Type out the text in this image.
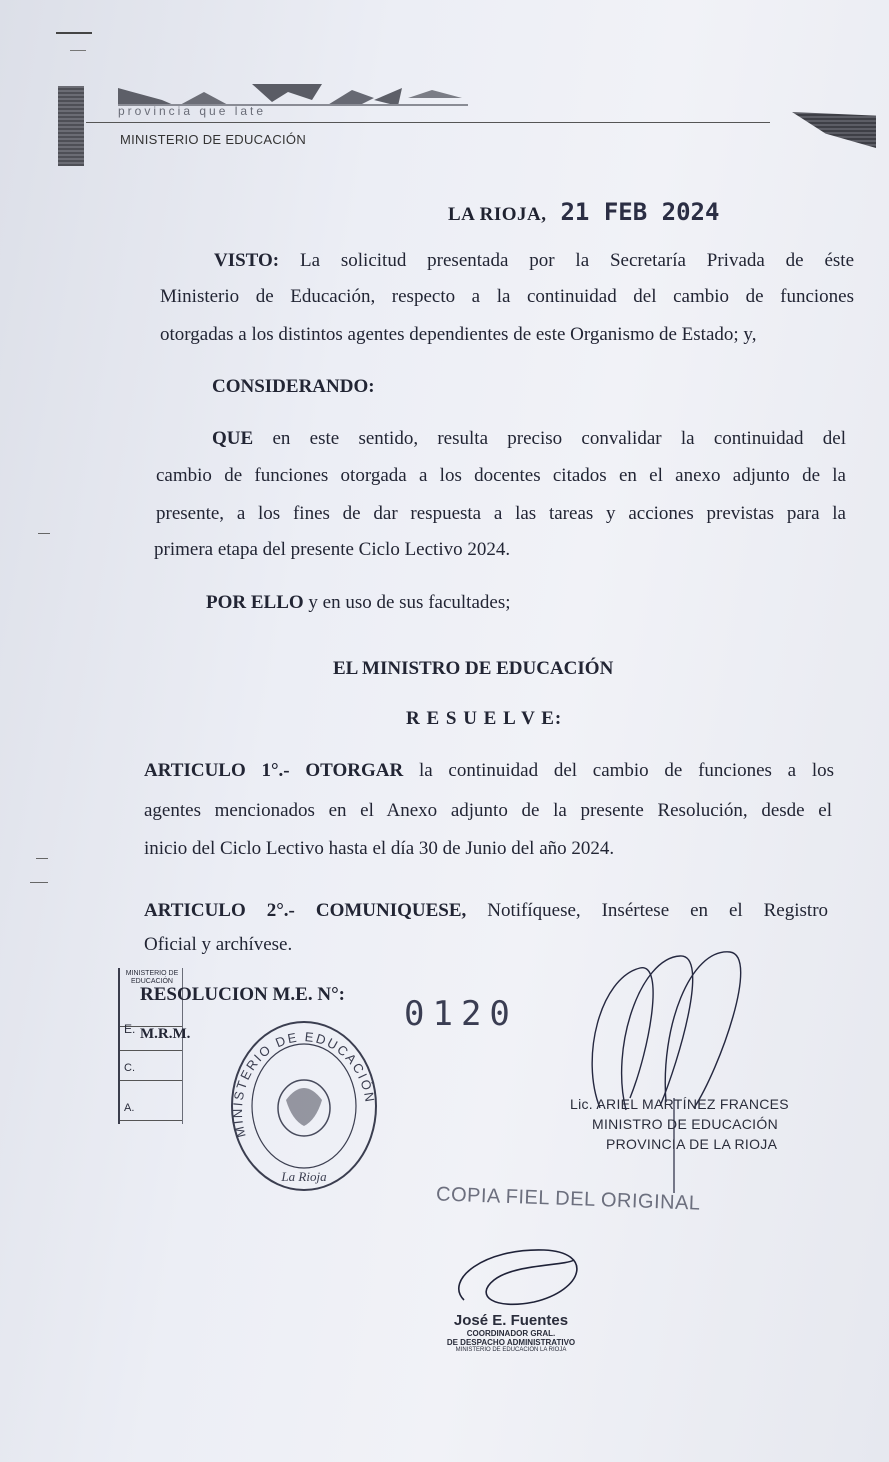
provincia que late
MINISTERIO DE EDUCACIÓN
LA RIOJA, 21 FEB 2024
VISTO: La solicitud presentada por la Secretaría Privada de éste
Ministerio de Educación, respecto a la continuidad del cambio de funciones
otorgadas a los distintos agentes dependientes de este Organismo de Estado; y,
CONSIDERANDO:
QUE en este sentido, resulta preciso convalidar la continuidad del
cambio de funciones otorgada a los docentes citados en el anexo adjunto de la
presente, a los fines de dar respuesta a las tareas y acciones previstas para la
primera etapa del presente Ciclo Lectivo 2024.
POR ELLO y en uso de sus facultades;
EL MINISTRO DE EDUCACIÓN
R E S U E L V E:
ARTICULO 1°.- OTORGAR la continuidad del cambio de funciones a los
agentes mencionados en el Anexo adjunto de la presente Resolución, desde el
inicio del Ciclo Lectivo hasta el día 30 de Junio del año 2024.
ARTICULO 2°.- COMUNIQUESE, Notifíquese, Insértese en el Registro
Oficial y archívese.
MINISTERIO DE EDUCACIÓN
E.
C.
A.
RESOLUCION M.E. N°: 0120
M.R.M.
MINISTERIO DE EDUCACIÓN
La Rioja
Lic. ARIEL MARTÍNEZ FRANCES
MINISTRO DE EDUCACIÓN
PROVINCIA DE LA RIOJA
COPIA FIEL DEL ORIGINAL
José E. Fuentes
COORDINADOR GRAL.
DE DESPACHO ADMINISTRATIVO
MINISTERIO DE EDUCACION LA RIOJA
